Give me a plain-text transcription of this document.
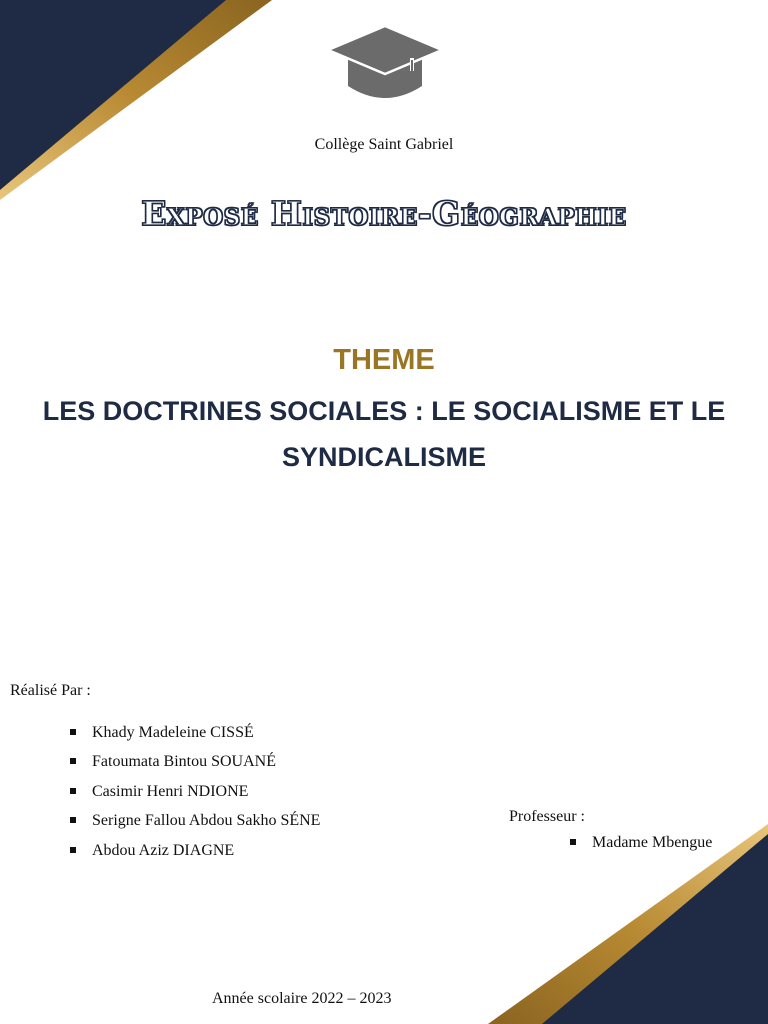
Collège Saint Gabriel
Exposé Histoire-Géographie
THEME
LES DOCTRINES SOCIALES : LE SOCIALISME ET LE
SYNDICALISME
Réalisé Par :
Khady Madeleine CISSÉ
Fatoumata Bintou SOUANÉ
Casimir Henri NDIONE
Serigne Fallou Abdou Sakho SÉNE
Abdou Aziz DIAGNE
Professeur :
Madame Mbengue
Année scolaire 2022 – 2023
